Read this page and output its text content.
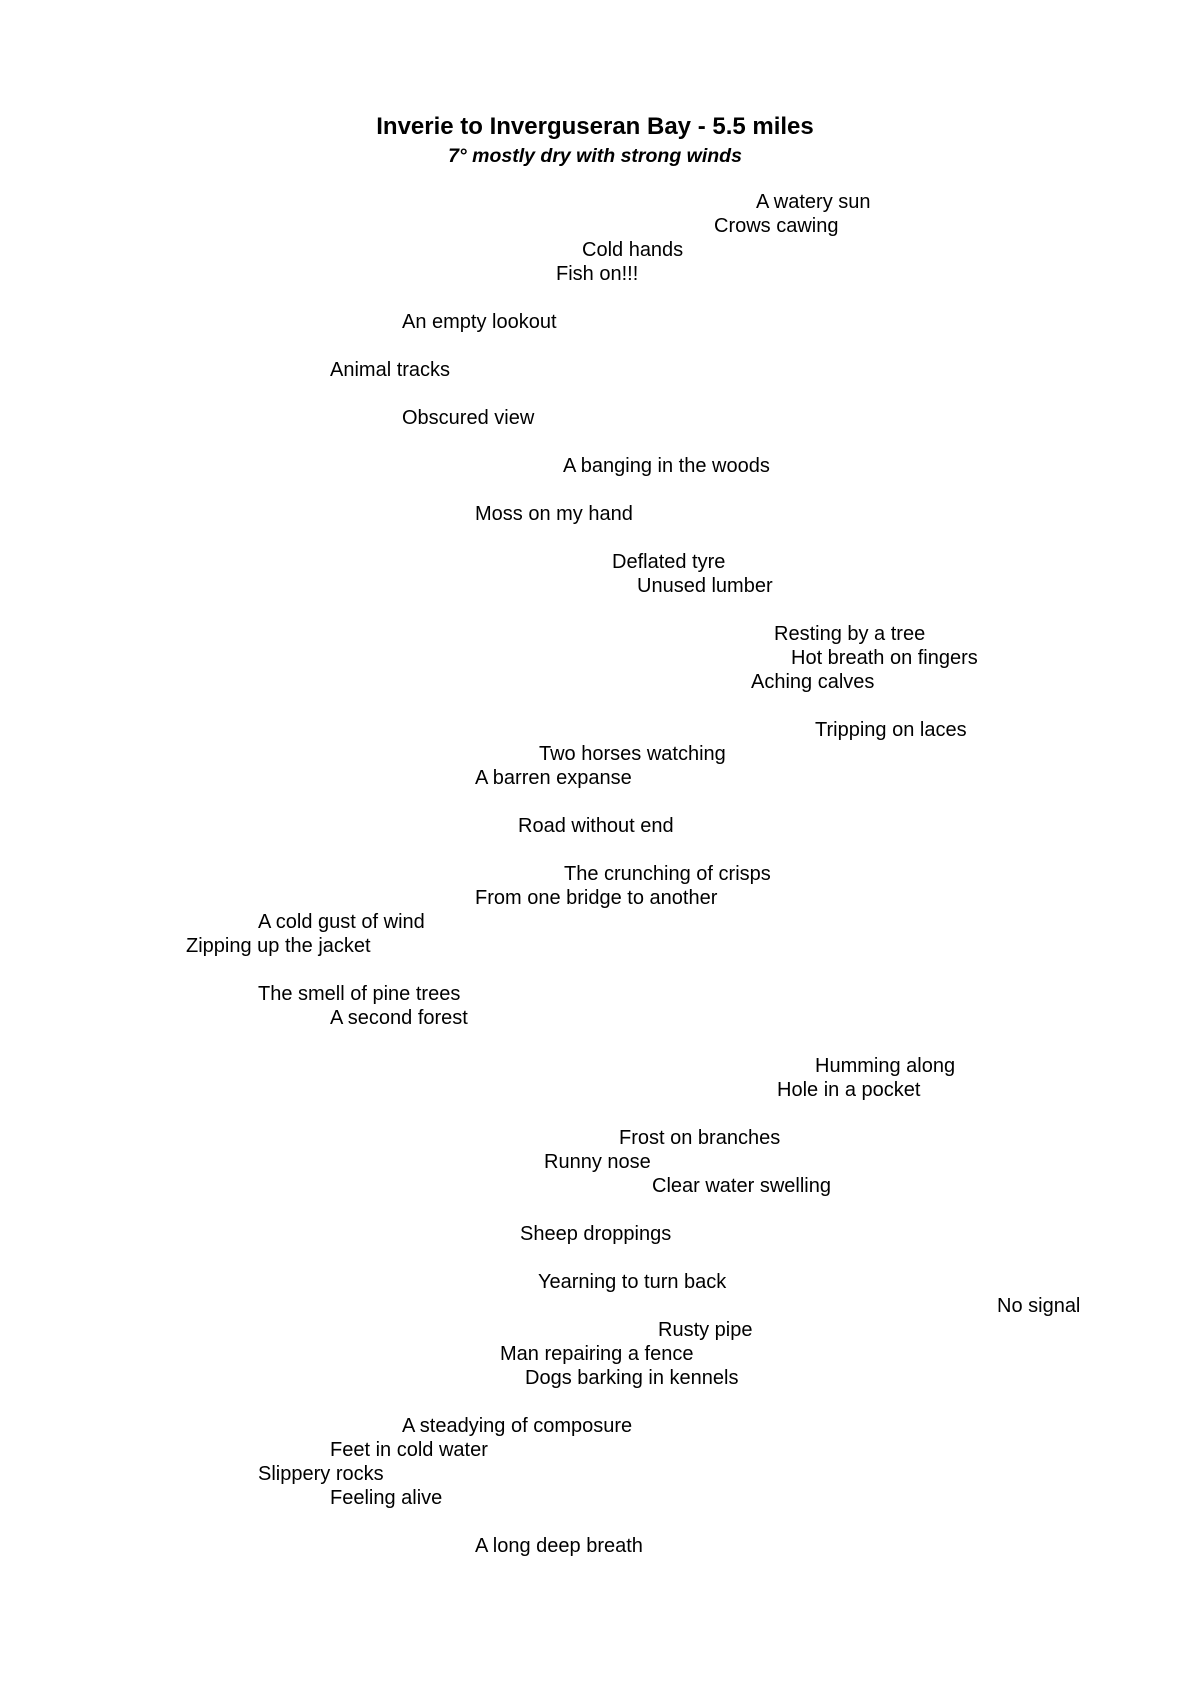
Inverie to Inverguseran Bay - 5.5 miles
7° mostly dry with strong winds
A watery sun
Crows cawing
Cold hands
Fish on!!!
An empty lookout
Animal tracks
Obscured view
A banging in the woods
Moss on my hand
Deflated tyre
Unused lumber
Resting by a tree
Hot breath on fingers
Aching calves
Tripping on laces
Two horses watching
A barren expanse
Road without end
The crunching of crisps
From one bridge to another
A cold gust of wind
Zipping up the jacket
The smell of pine trees
A second forest
Humming along
Hole in a pocket
Frost on branches
Runny nose
Clear water swelling
Sheep droppings
Yearning to turn back
No signal
Rusty pipe
Man repairing a fence
Dogs barking in kennels
A steadying of composure
Feet in cold water
Slippery rocks
Feeling alive
A long deep breath
